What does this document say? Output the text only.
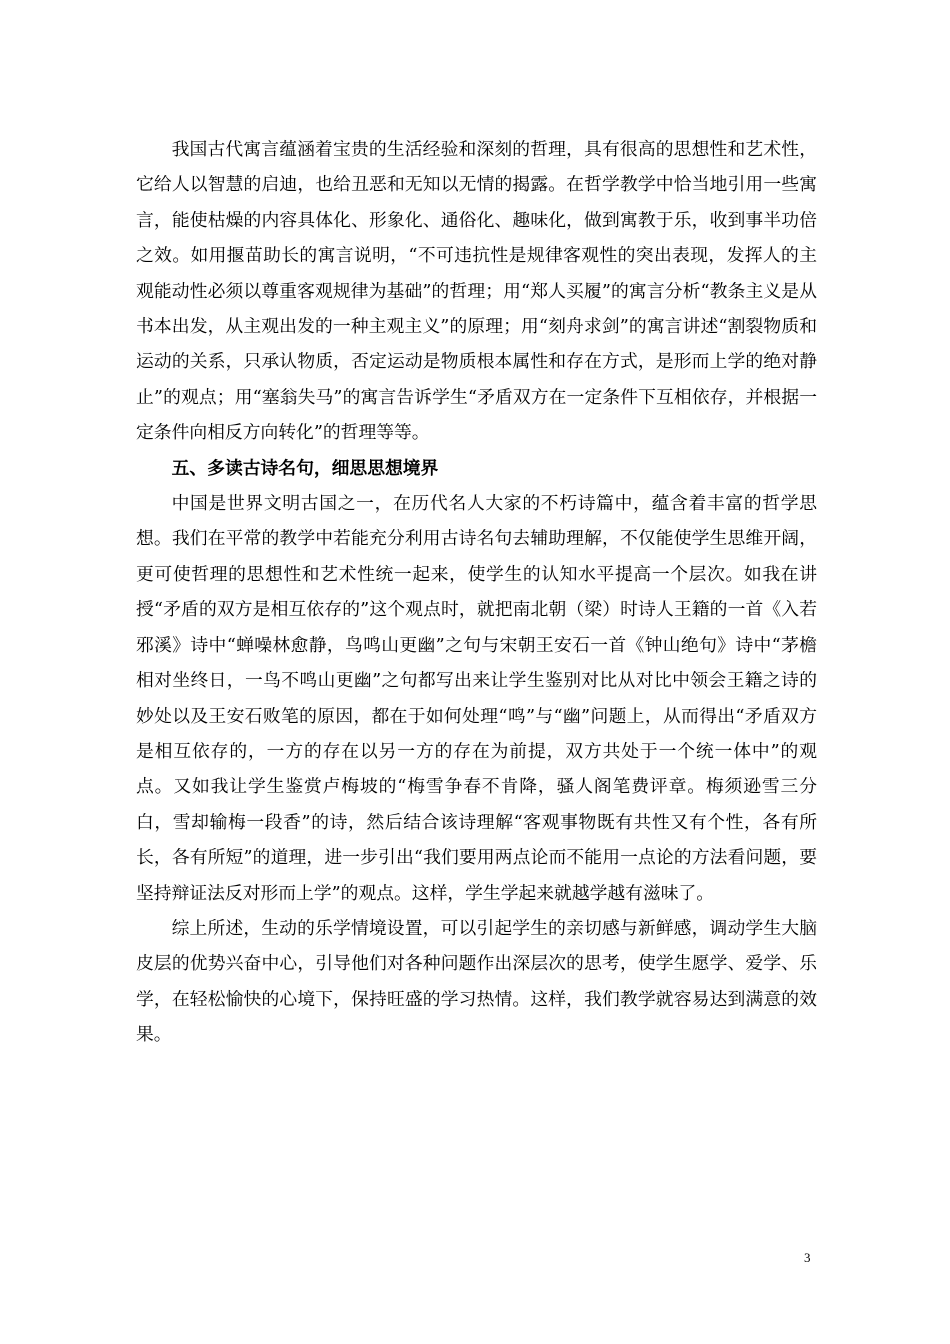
我国古代寓言蕴涵着宝贵的生活经验和深刻的哲理，具有很高的思想性和艺术性，它给人以智慧的启迪，也给丑恶和无知以无情的揭露。在哲学教学中恰当地引用一些寓言，能使枯燥的内容具体化、形象化、通俗化、趣味化，做到寓教于乐，收到事半功倍之效。如用揠苗助长的寓言说明，“不可违抗性是规律客观性的突出表现，发挥人的主观能动性必须以尊重客观规律为基础”的哲理；用“郑人买履”的寓言分析“教条主义是从书本出发，从主观出发的一种主观主义”的原理；用“刻舟求剑”的寓言讲述“割裂物质和运动的关系，只承认物质，否定运动是物质根本属性和存在方式，是形而上学的绝对静止”的观点；用“塞翁失马”的寓言告诉学生“矛盾双方在一定条件下互相依存，并根据一定条件向相反方向转化”的哲理等等。

五、多读古诗名句，细思思想境界

中国是世界文明古国之一，在历代名人大家的不朽诗篇中，蕴含着丰富的哲学思想。我们在平常的教学中若能充分利用古诗名句去辅助理解，不仅能使学生思维开阔，更可使哲理的思想性和艺术性统一起来，使学生的认知水平提高一个层次。如我在讲授“矛盾的双方是相互依存的”这个观点时，就把南北朝（梁）时诗人王籍的一首《入若邪溪》诗中“蝉噪林愈静，鸟鸣山更幽”之句与宋朝王安石一首《钟山绝句》诗中“茅檐相对坐终日，一鸟不鸣山更幽”之句都写出来让学生鉴别对比从对比中领会王籍之诗的妙处以及王安石败笔的原因，都在于如何处理“鸣”与“幽”问题上，从而得出“矛盾双方是相互依存的，一方的存在以另一方的存在为前提，双方共处于一个统一体中”的观点。又如我让学生鉴赏卢梅坡的“梅雪争春不肯降，骚人阁笔费评章。梅须逊雪三分白，雪却输梅一段香”的诗，然后结合该诗理解“客观事物既有共性又有个性，各有所长，各有所短”的道理，进一步引出“我们要用两点论而不能用一点论的方法看问题，要坚持辩证法反对形而上学”的观点。这样，学生学起来就越学越有滋味了。

综上所述，生动的乐学情境设置，可以引起学生的亲切感与新鲜感，调动学生大脑皮层的优势兴奋中心，引导他们对各种问题作出深层次的思考，使学生愿学、爱学、乐学，在轻松愉快的心境下，保持旺盛的学习热情。这样，我们教学就容易达到满意的效果。

3
